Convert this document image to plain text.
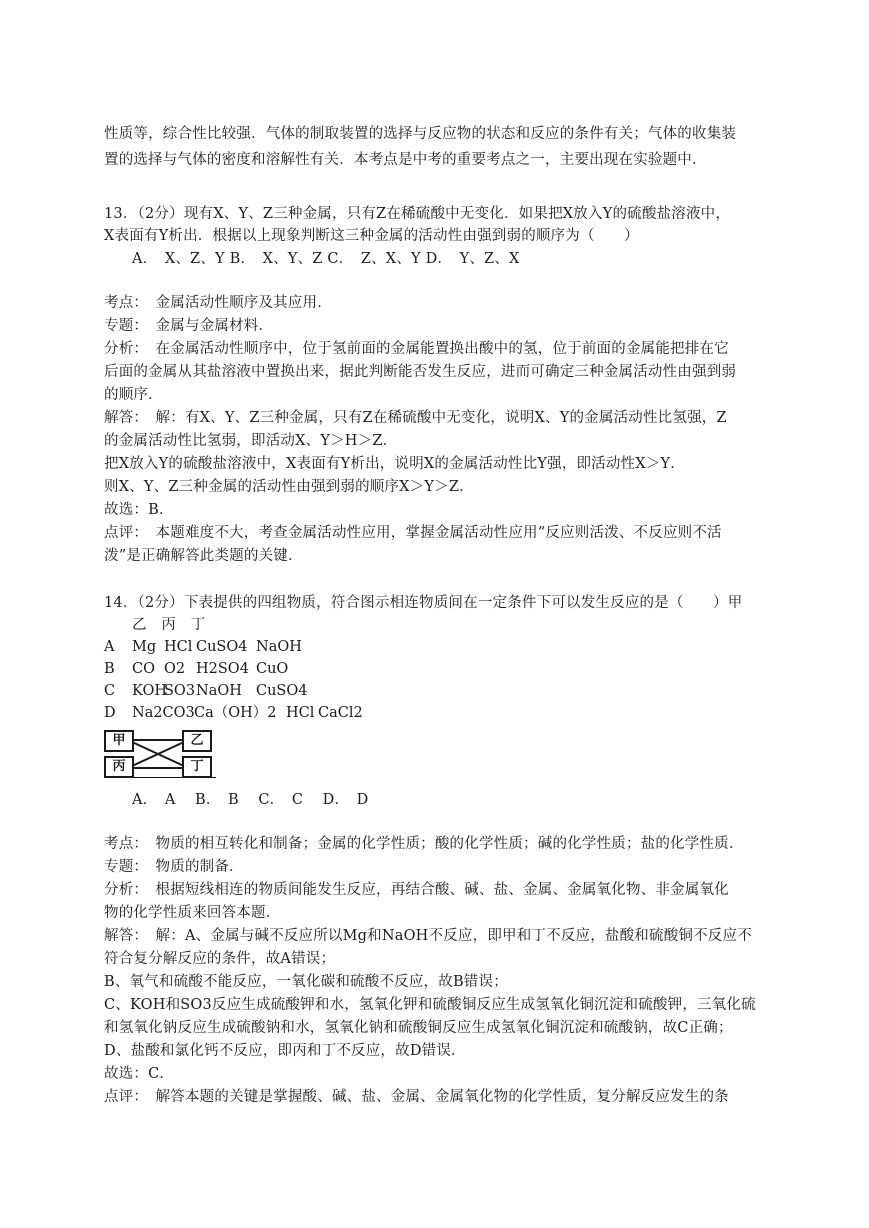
性质等，综合性比较强．气体的制取装置的选择与反应物的状态和反应的条件有关；气体的收集装
置的选择与气体的密度和溶解性有关．本考点是中考的重要考点之一，主要出现在实验题中．
13．（2分）现有X、Y、Z三种金属，只有Z在稀硫酸中无变化．如果把X放入Y的硫酸盐溶液中，
X表面有Y析出．根据以上现象判断这三种金属的活动性由强到弱的顺序为（　　）
A．　X、Z、Y B．　X、Y、Z C．　Z、X、Y D．　Y、Z、X
考点：　金属活动性顺序及其应用．
专题：　金属与金属材料．
分析：　在金属活动性顺序中，位于氢前面的金属能置换出酸中的氢，位于前面的金属能把排在它
后面的金属从其盐溶液中置换出来，据此判断能否发生反应，进而可确定三种金属活动性由强到弱
的顺序．
解答：　解：有X、Y、Z三种金属，只有Z在稀硫酸中无变化，说明X、Y的金属活动性比氢强，Z
的金属活动性比氢弱，即活动X、Y＞H＞Z．
把X放入Y的硫酸盐溶液中，X表面有Y析出，说明X的金属活动性比Y强，即活动性X＞Y．
则X、Y、Z三种金属的活动性由强到弱的顺序X＞Y＞Z．
故选：B．
点评：　本题难度不大，考查金属活动性应用，掌握金属活动性应用“反应则活泼、不反应则不活
泼”是正确解答此类题的关键．
14．（2分）下表提供的四组物质，符合图示相连物质间在一定条件下可以发生反应的是（　　）甲
乙　丙　丁
A Mg HCl CuSO4 NaOH
B CO O2 H2SO4 CuO
C KOH
SO3 NaOH CuSO4
D Na2CO3 Ca（OH）2 HCl CaCl2
甲	乙
丙	丁
A．　A　 B．　B　 C．　C　 D．　D
考点：　物质的相互转化和制备；金属的化学性质；酸的化学性质；碱的化学性质；盐的化学性质．
专题：　物质的制备．
分析：　根据短线相连的物质间能发生反应，再结合酸、碱、盐、金属、金属氧化物、非金属氧化
物的化学性质来回答本题．
解答：　解：A、金属与碱不反应所以Mg和NaOH不反应，即甲和丁不反应，盐酸和硫酸铜不反应不
符合复分解反应的条件，故A错误；
B、氧气和硫酸不能反应，一氧化碳和硫酸不反应，故B错误；
C、KOH和SO3反应生成硫酸钾和水，氢氧化钾和硫酸铜反应生成氢氧化铜沉淀和硫酸钾，三氧化硫
和氢氧化钠反应生成硫酸钠和水，氢氧化钠和硫酸铜反应生成氢氧化铜沉淀和硫酸钠，故C正确；
D、盐酸和氯化钙不反应，即丙和丁不反应，故D错误．
故选：C．
点评：　解答本题的关键是掌握酸、碱、盐、金属、金属氧化物的化学性质，复分解反应发生的条
